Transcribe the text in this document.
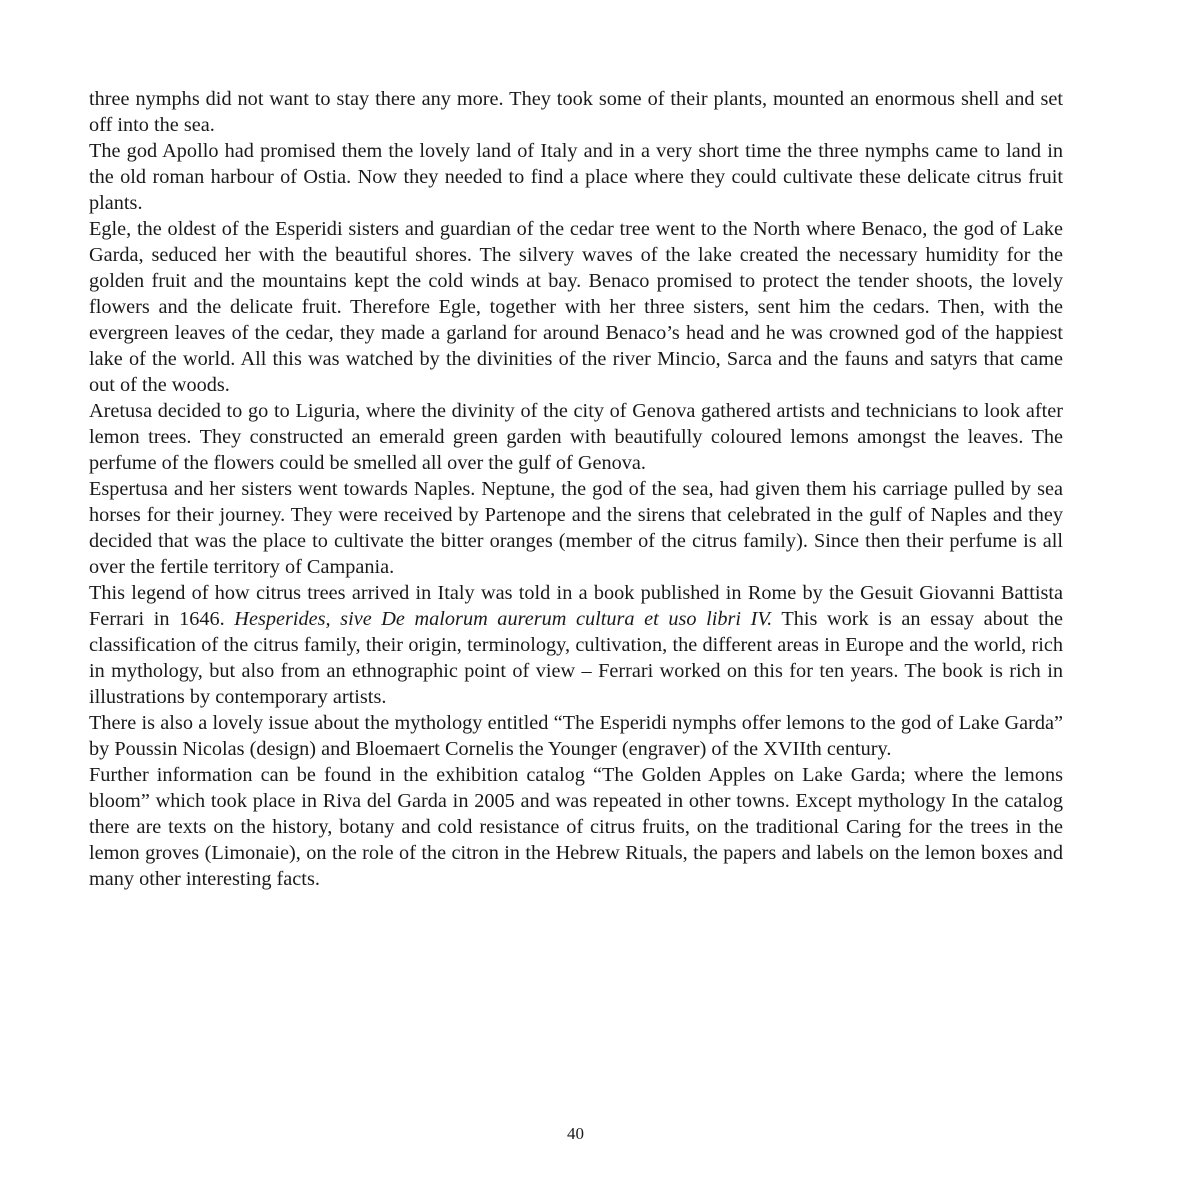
three nymphs did not want to stay there any more. They took some of their plants, mounted an enormous shell and set off into the sea.

The god Apollo had promised them the lovely land of Italy and in a very short time the three nymphs came to land in the old roman harbour of Ostia. Now they needed to find a place where they could cultivate these delicate citrus fruit plants.

Egle, the oldest of the Esperidi sisters and guardian of the cedar tree went to the North where Benaco, the god of Lake Garda, seduced her with the beautiful shores. The silvery waves of the lake created the necessary humidity for the golden fruit and the mountains kept the cold winds at bay. Benaco promised to protect the tender shoots, the lovely flowers and the delicate fruit. Therefore Egle, together with her three sisters, sent him the cedars. Then, with the evergreen leaves of the cedar, they made a garland for around Benaco’s head and he was crowned god of the happiest lake of the world. All this was watched by the divinities of the river Mincio, Sarca and the fauns and satyrs that came out of the woods.

Aretusa decided to go to Liguria, where the divinity of the city of Genova gathered artists and technicians to look after lemon trees. They constructed an emerald green garden with beautifully coloured lemons amongst the leaves. The perfume of the flowers could be smelled all over the gulf of Genova.

Espertusa and her sisters went towards Naples. Neptune, the god of the sea, had given them his carriage pulled by sea horses for their journey. They were received by Partenope and the sirens that celebrated in the gulf of Naples and they decided that was the place to cultivate the bitter oranges (member of the citrus family). Since then their perfume is all over the fertile territory of Campania.

This legend of how citrus trees arrived in Italy was told in a book published in Rome by the Gesuit Giovanni Battista Ferrari in 1646. Hesperides, sive De malorum aurerum cultura et uso libri IV. This work is an essay about the classification of the citrus family, their origin, terminology, cultivation, the different areas in Europe and the world, rich in mythology, but also from an ethnographic point of view – Ferrari worked on this for ten years. The book is rich in illustrations by contemporary artists.

There is also a lovely issue about the mythology entitled “The Esperidi nymphs offer lemons to the god of Lake Garda” by Poussin Nicolas (design) and Bloemaert Cornelis the Younger (engraver) of the XVIIth century.

Further information can be found in the exhibition catalog “The Golden Apples on Lake Garda; where the lemons bloom” which took place in Riva del Garda in 2005 and was repeated in other towns. Except mythology In the catalog there are texts on the history, botany and cold resistance of citrus fruits, on the traditional Caring for the trees in the lemon groves (Limonaie), on the role of the citron in the Hebrew Rituals, the papers and labels on the lemon boxes and many other interesting facts.

40
